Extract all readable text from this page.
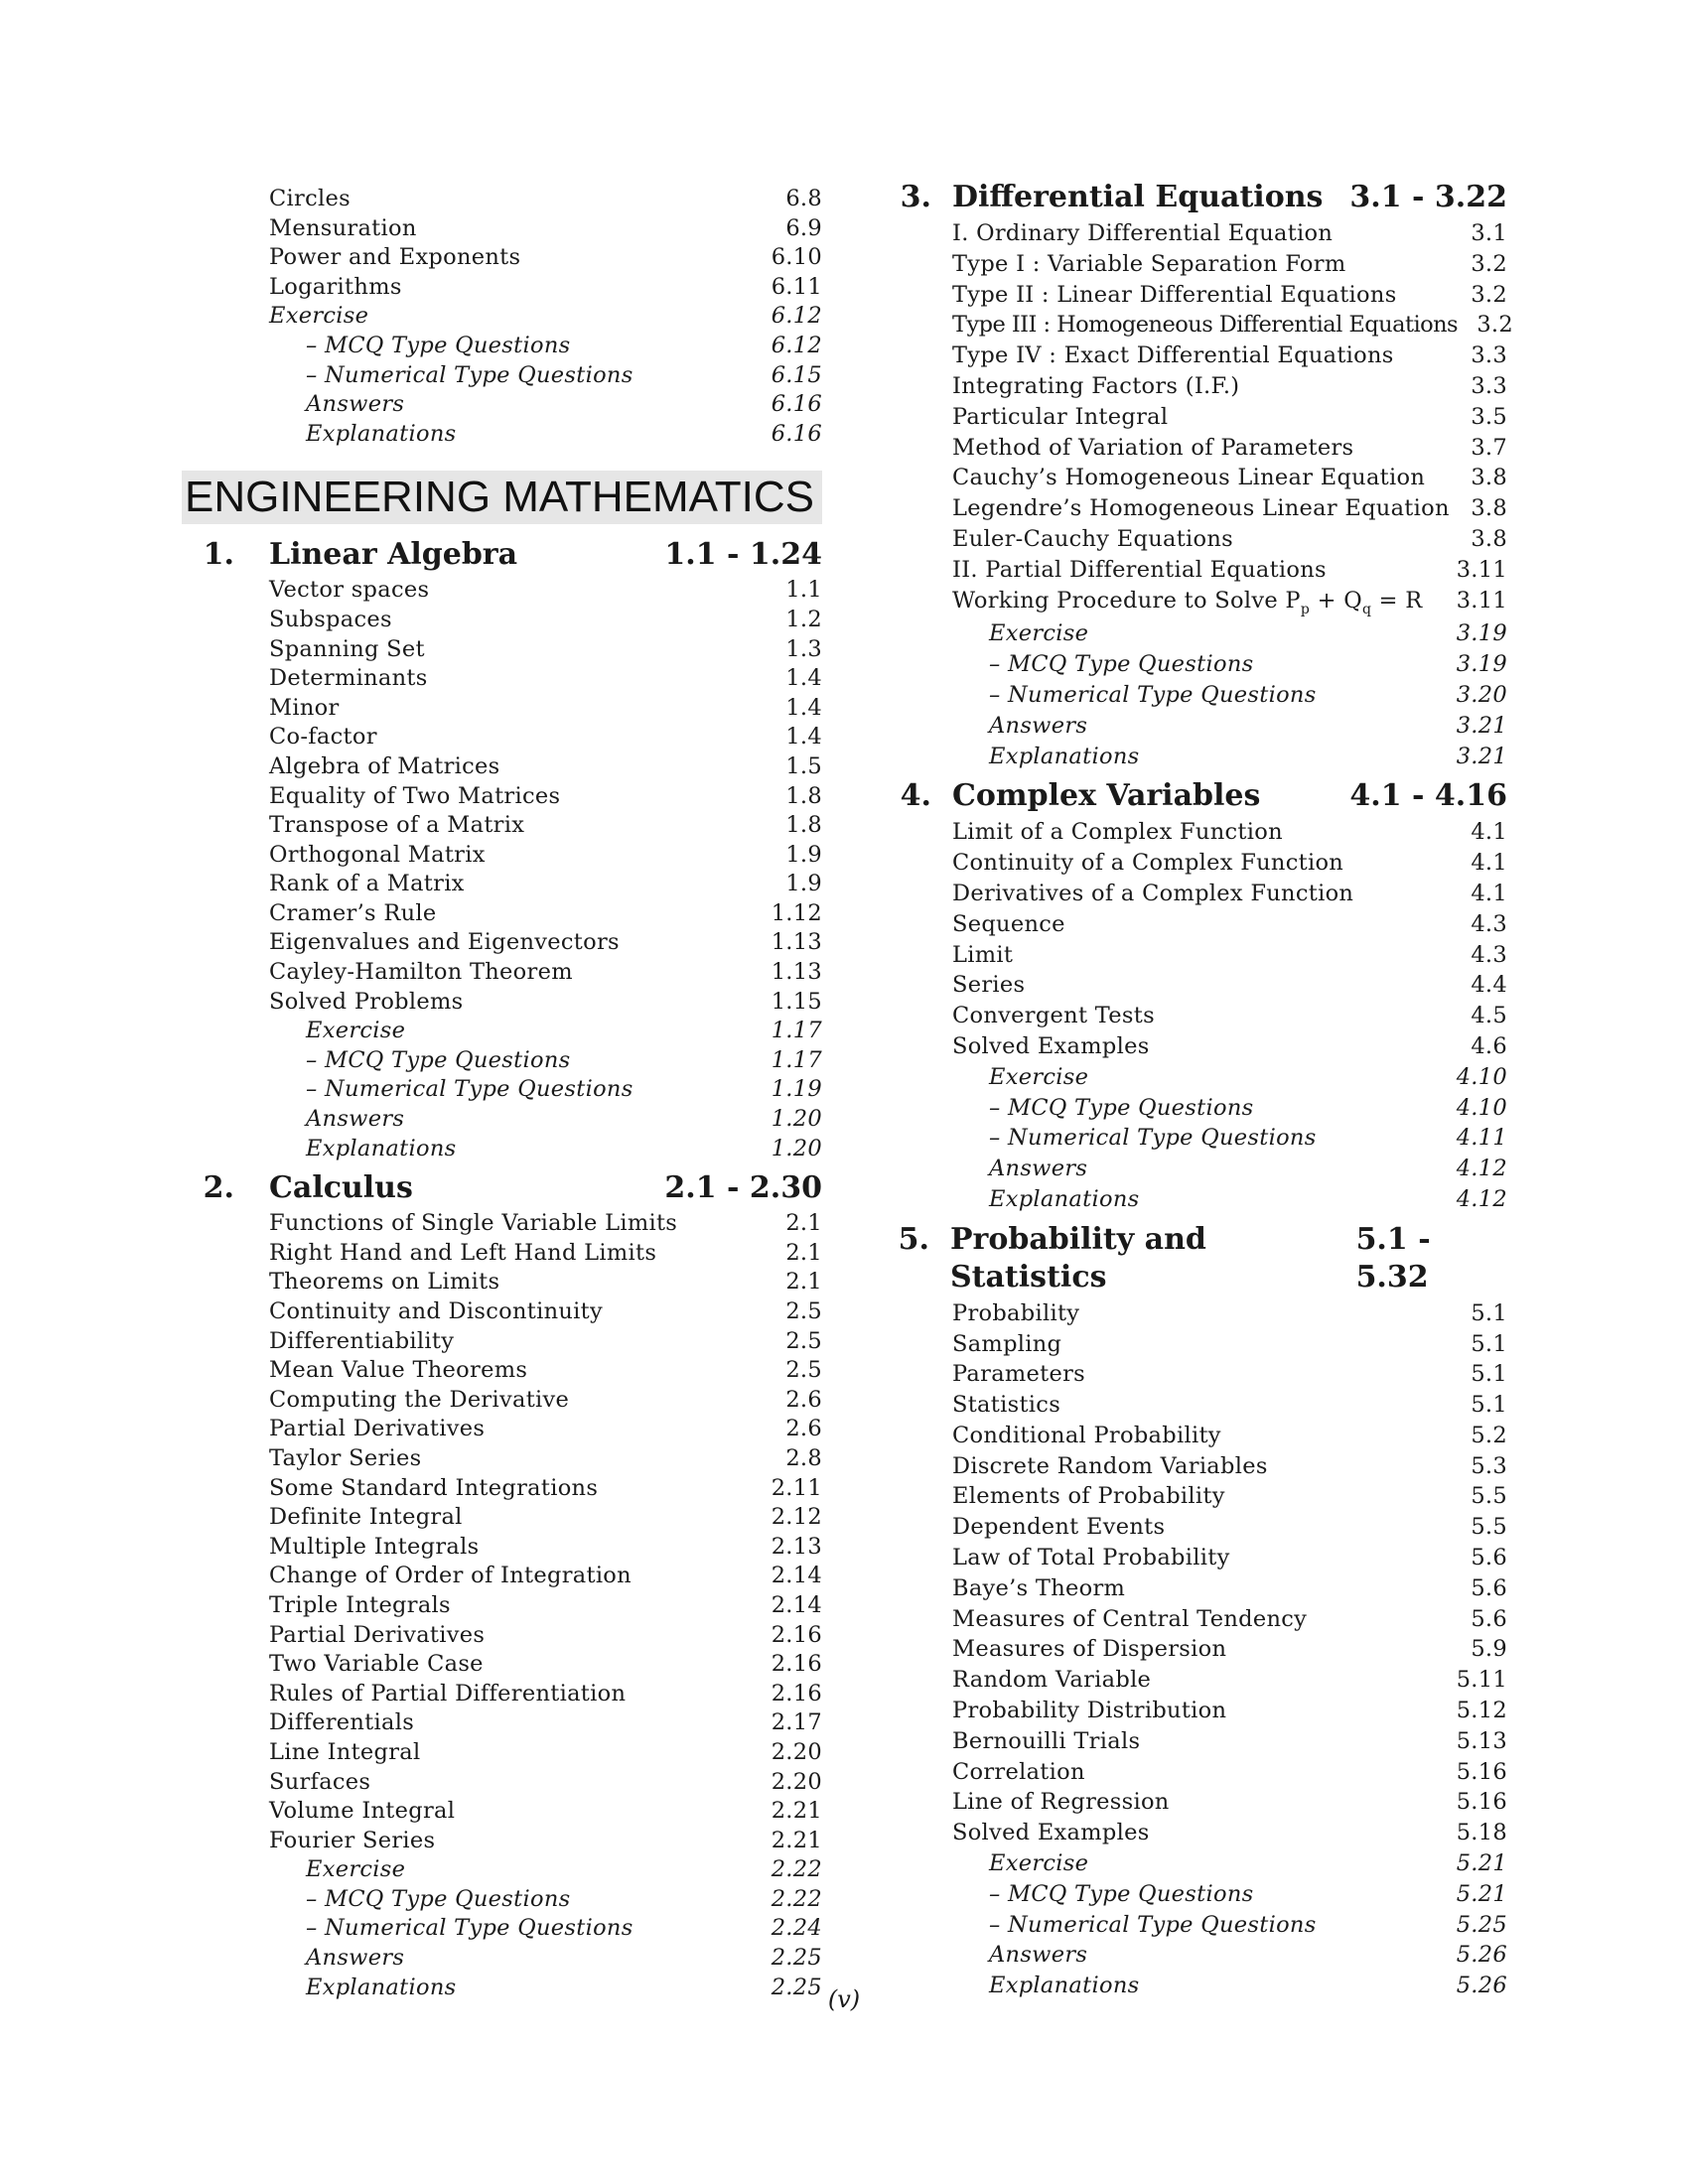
Circles	6.8
Mensuration	6.9
Power and Exponents	6.10
Logarithms	6.11
Exercise	6.12
– MCQ Type Questions	6.12
– Numerical Type Questions	6.15
Answers	6.16
Explanations	6.16
ENGINEERING MATHEMATICS
1. Linear Algebra	1.1 - 1.24
Vector spaces	1.1
Subspaces	1.2
Spanning Set	1.3
Determinants	1.4
Minor	1.4
Co-factor	1.4
Algebra of Matrices	1.5
Equality of Two Matrices	1.8
Transpose of a Matrix	1.8
Orthogonal Matrix	1.9
Rank of a Matrix	1.9
Cramer’s Rule	1.12
Eigenvalues and Eigenvectors	1.13
Cayley-Hamilton Theorem	1.13
Solved Problems	1.15
Exercise	1.17
– MCQ Type Questions	1.17
– Numerical Type Questions	1.19
Answers	1.20
Explanations	1.20
2. Calculus	2.1 - 2.30
Functions of Single Variable Limits	2.1
Right Hand and Left Hand Limits	2.1
Theorems on Limits	2.1
Continuity and Discontinuity	2.5
Differentiability	2.5
Mean Value Theorems	2.5
Computing the Derivative	2.6
Partial Derivatives	2.6
Taylor Series	2.8
Some Standard Integrations	2.11
Definite Integral	2.12
Multiple Integrals	2.13
Change of Order of Integration	2.14
Triple Integrals	2.14
Partial Derivatives	2.16
Two Variable Case	2.16
Rules of Partial Differentiation	2.16
Differentials	2.17
Line Integral	2.20
Surfaces	2.20
Volume Integral	2.21
Fourier Series	2.21
Exercise	2.22
– MCQ Type Questions	2.22
– Numerical Type Questions	2.24
Answers	2.25
Explanations	2.25
3. Differential Equations 3.1 - 3.22
I. Ordinary Differential Equation	3.1
Type I : Variable Separation Form	3.2
Type II : Linear Differential Equations	3.2
Type III : Homogeneous Differential Equations 3.2
Type IV : Exact Differential Equations	3.3
Integrating Factors (I.F.)	3.3
Particular Integral	3.5
Method of Variation of Parameters	3.7
Cauchy’s Homogeneous Linear Equation 3.8
Legendre’s Homogeneous Linear Equation 3.8
Euler-Cauchy Equations	3.8
II. Partial Differential Equations	3.11
Working Procedure to Solve $P_p + Q_q = R$ 3.11
Exercise	3.19
– MCQ Type Questions	3.19
– Numerical Type Questions	3.20
Answers	3.21
Explanations	3.21
4. Complex Variables	4.1 - 4.16
Limit of a Complex Function	4.1
Continuity of a Complex Function	4.1
Derivatives of a Complex Function	4.1
Sequence	4.3
Limit	4.3
Series	4.4
Convergent Tests	4.5
Solved Examples	4.6
Exercise	4.10
– MCQ Type Questions	4.10
– Numerical Type Questions	4.11
Answers	4.12
Explanations	4.12
5. Probability and Statistics
5.1 - 5.32
Probability	5.1
Sampling	5.1
Parameters	5.1
Statistics	5.1
Conditional Probability	5.2
Discrete Random Variables	5.3
Elements of Probability	5.5
Dependent Events	5.5
Law of Total Probability	5.6
Baye’s Theorm	5.6
Measures of Central Tendency	5.6
Measures of Dispersion	5.9
Random Variable	5.11
Probability Distribution	5.12
Bernouilli Trials	5.13
Correlation	5.16
Line of Regression	5.16
Solved Examples	5.18
Exercise	5.21
– MCQ Type Questions	5.21
– Numerical Type Questions	5.25
Answers	5.26
Explanations	5.26
(v)
